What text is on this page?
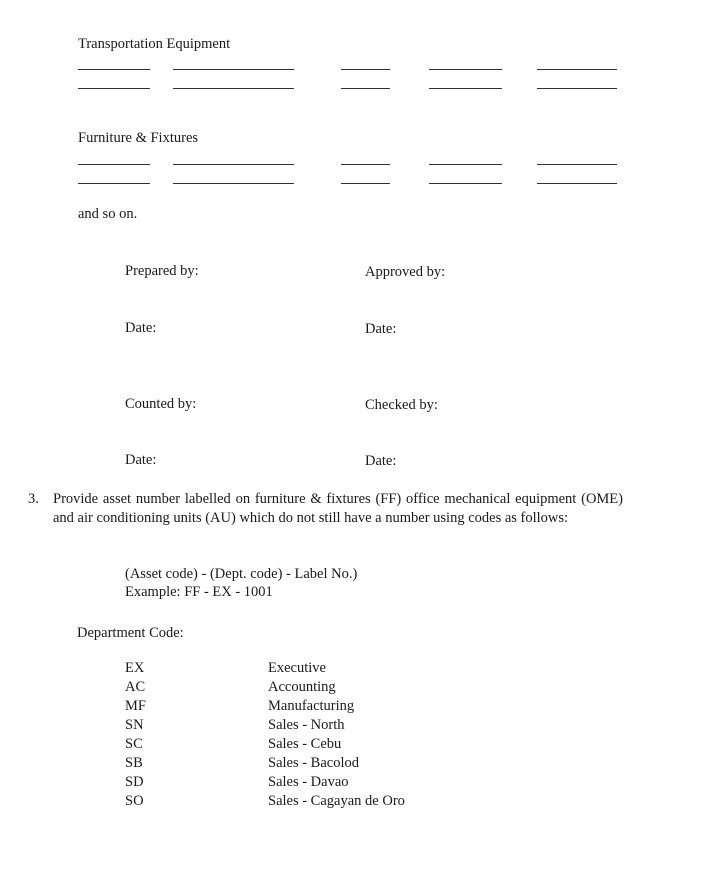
Transportation Equipment
Furniture & Fixtures
and so on.
Prepared by:	Approved by:
Date:	Date:
Counted by:	Checked by:
Date:	Date:
3. Provide asset number labelled on furniture & fixtures (FF) office mechanical equipment (OME) and air conditioning units (AU) which do not still have a number using codes as follows:
(Asset code) - (Dept. code) - Label No.)
Example: FF - EX - 1001
Department Code:
EX	Executive
AC	Accounting
MF	Manufacturing
SN	Sales - North
SC	Sales - Cebu
SB	Sales - Bacolod
SD	Sales - Davao
SO	Sales - Cagayan de Oro
